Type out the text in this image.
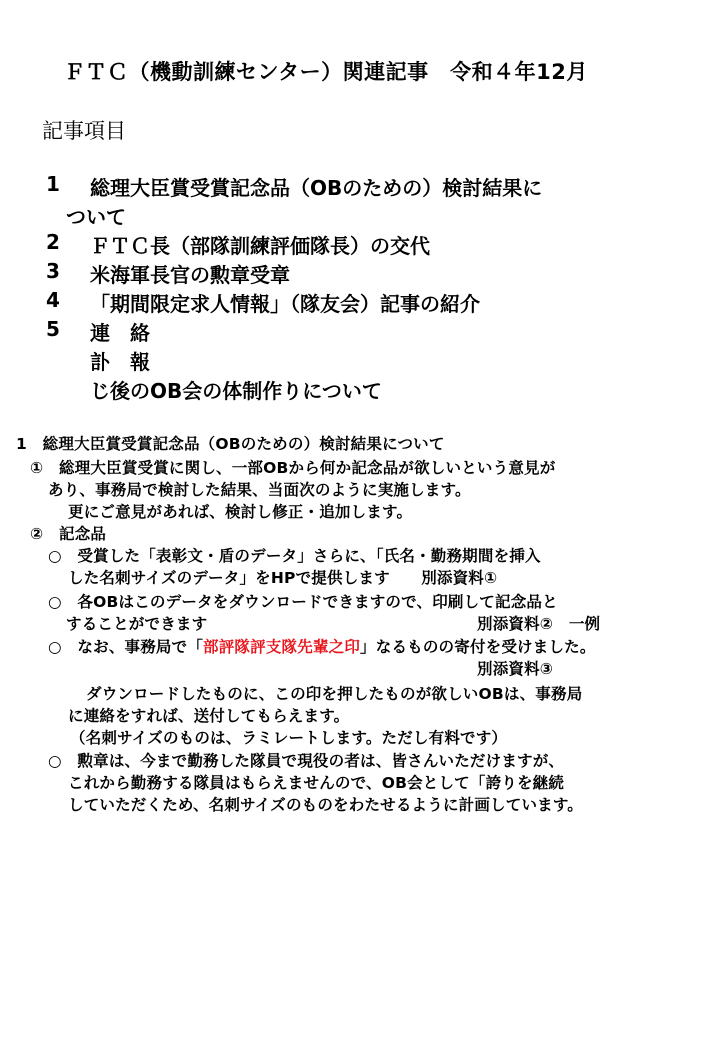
ＦＴＣ（機動訓練センター）関連記事　令和４年12月
記事項目
1 総理大臣賞受賞記念品（OBのための）検討結果に
ついて
2 ＦＴＣ長（部隊訓練評価隊長）の交代
3 米海軍長官の勲章受章
4 「期間限定求人情報」（隊友会）記事の紹介
5 連　絡
訃　報
じ後のOB会の体制作りについて
1　総理大臣賞受賞記念品（OBのための）検討結果について
①　総理大臣賞受賞に関し、一部OBから何か記念品が欲しいという意見が
あり、事務局で検討した結果、当面次のように実施します。
更にご意見があれば、検討し修正・追加します。
②　記念品
○　受賞した「表彰文・盾のデータ」さらに、「氏名・勤務期間を挿入
した名刺サイズのデータ」をHPで提供します　　別添資料①
○　各OBはこのデータをダウンロードできますので、印刷して記念品と
することができます	別添資料②　一例
○　なお、事務局で「部評隊評支隊先輩之印」なるものの寄付を受けました。
別添資料③
ダウンロードしたものに、この印を押したものが欲しいOBは、事務局
に連絡をすれば、送付してもらえます。
（名刺サイズのものは、ラミレートします。ただし有料です）
○　勲章は、今まで勤務した隊員で現役の者は、皆さんいただけますが、
これから勤務する隊員はもらえませんので、OB会として「誇りを継続
していただくため、名刺サイズのものをわたせるように計画しています。
